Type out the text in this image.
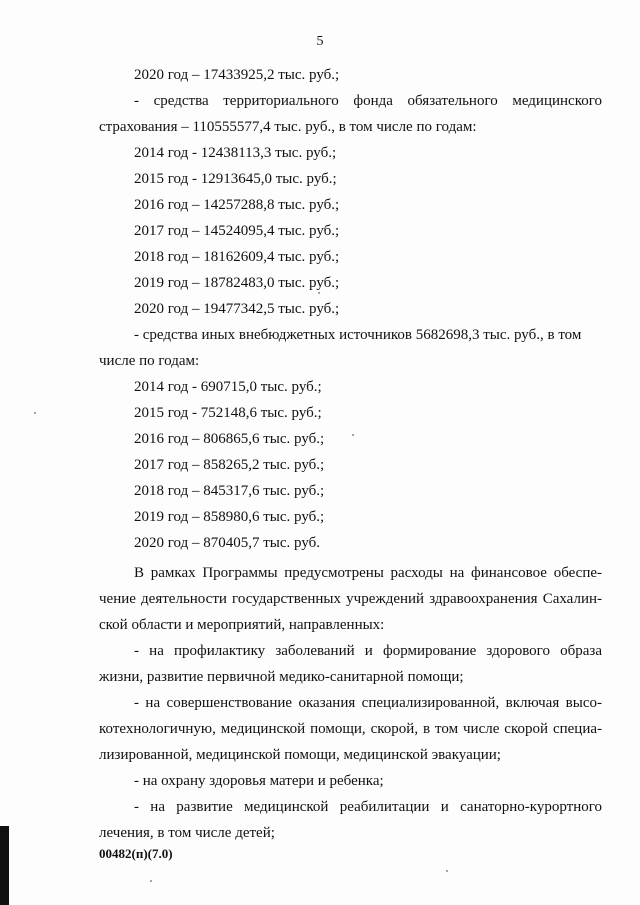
5
2020 год – 17433925,2 тыс. руб.;
- средства территориального фонда обязательного медицинского
страхования – 110555577,4 тыс. руб., в том числе по годам:
2014 год - 12438113,3 тыс. руб.;
2015 год - 12913645,0 тыс. руб.;
2016 год – 14257288,8 тыс. руб.;
2017 год – 14524095,4 тыс. руб.;
2018 год – 18162609,4 тыс. руб.;
2019 год – 18782483,0 тыс. руб.;
2020 год – 19477342,5 тыс. руб.;
- средства иных внебюджетных источников 5682698,3 тыс. руб., в том
числе по годам:
2014 год - 690715,0 тыс. руб.;
2015 год - 752148,6 тыс. руб.;
2016 год – 806865,6 тыс. руб.;
2017 год – 858265,2 тыс. руб.;
2018 год – 845317,6 тыс. руб.;
2019 год – 858980,6 тыс. руб.;
2020 год – 870405,7 тыс. руб.
В рамках Программы предусмотрены расходы на финансовое обеспе-
чение деятельности государственных учреждений здравоохранения Сахалин-
ской области и мероприятий, направленных:
- на профилактику заболеваний и формирование здорового образа
жизни, развитие первичной медико-санитарной помощи;
- на совершенствование оказания специализированной, включая высо-
котехнологичную, медицинской помощи, скорой, в том числе скорой специа-
лизированной, медицинской помощи, медицинской эвакуации;
- на охрану здоровья матери и ребенка;
- на развитие медицинской реабилитации и санаторно-курортного
лечения, в том числе детей;
00482(п)(7.0)
